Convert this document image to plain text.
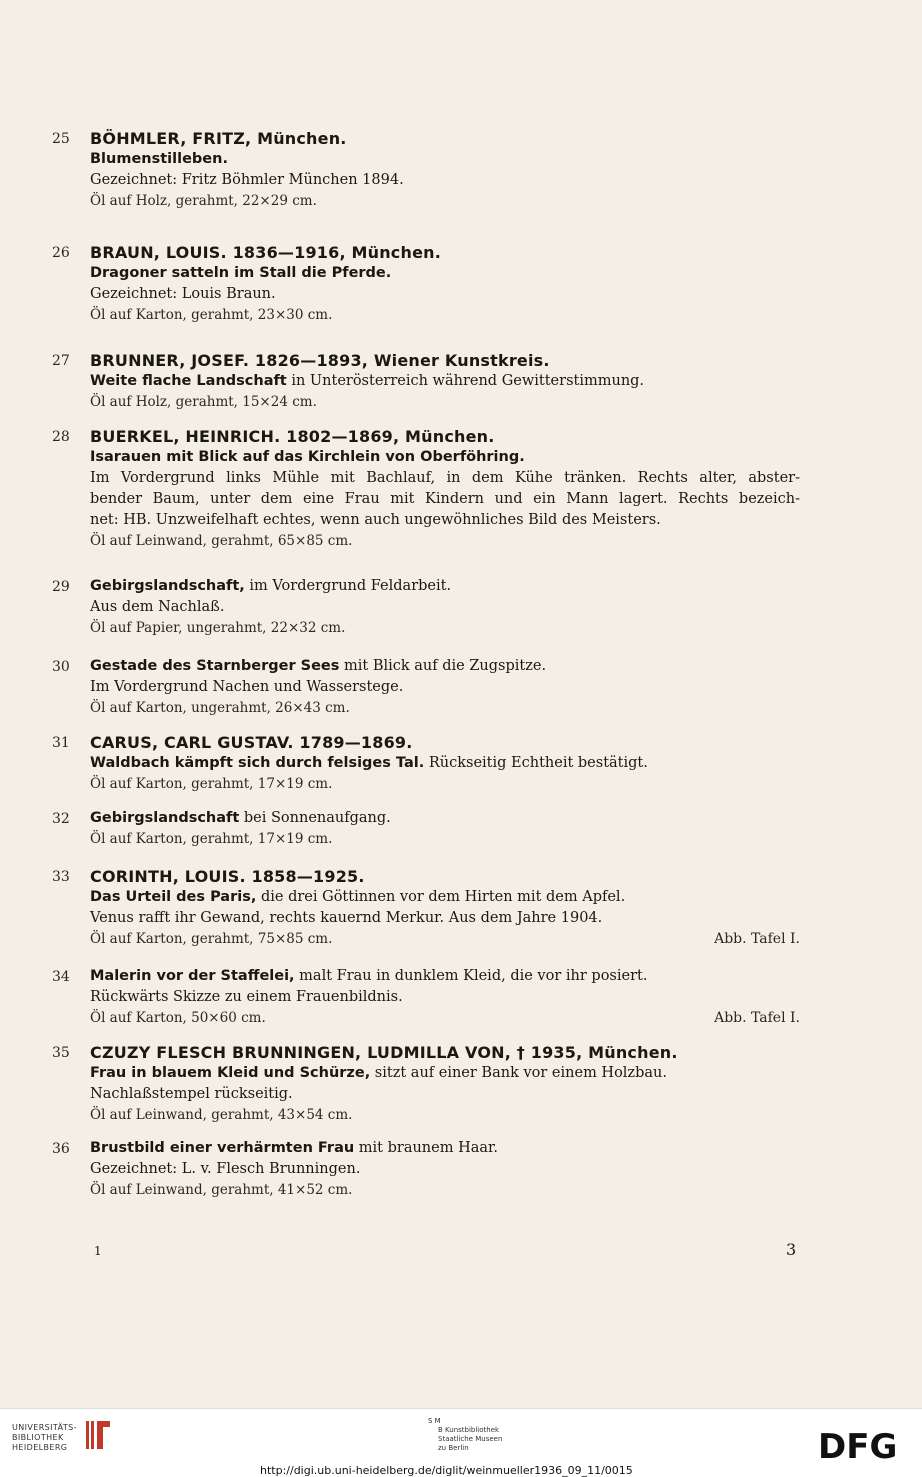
25	BÖHMLER, FRITZ, München.
Blumenstilleben.
Gezeichnet: Fritz Böhmler München 1894.
Öl auf Holz, gerahmt, 22×29 cm.
26	BRAUN, LOUIS. 1836—1916, München.
Dragoner satteln im Stall die Pferde.
Gezeichnet: Louis Braun.
Öl auf Karton, gerahmt, 23×30 cm.
27	BRUNNER, JOSEF. 1826—1893, Wiener Kunstkreis.
Weite flache Landschaft in Unterösterreich während Gewitterstimmung.
Öl auf Holz, gerahmt, 15×24 cm.
28	BUERKEL, HEINRICH. 1802—1869, München.
Isarauen mit Blick auf das Kirchlein von Oberföhring.
Im Vordergrund links Mühle mit Bachlauf, in dem Kühe tränken. Rechts alter, abster-
bender Baum, unter dem eine Frau mit Kindern und ein Mann lagert. Rechts bezeich-
net: HB. Unzweifelhaft echtes, wenn auch ungewöhnliches Bild des Meisters.
Öl auf Leinwand, gerahmt, 65×85 cm.
29	Gebirgslandschaft, im Vordergrund Feldarbeit.
Aus dem Nachlaß.
Öl auf Papier, ungerahmt, 22×32 cm.
30	Gestade des Starnberger Sees mit Blick auf die Zugspitze.
Im Vordergrund Nachen und Wasserstege.
Öl auf Karton, ungerahmt, 26×43 cm.
31	CARUS, CARL GUSTAV. 1789—1869.
Waldbach kämpft sich durch felsiges Tal. Rückseitig Echtheit bestätigt.
Öl auf Karton, gerahmt, 17×19 cm.
32	Gebirgslandschaft bei Sonnenaufgang.
Öl auf Karton, gerahmt, 17×19 cm.
33	CORINTH, LOUIS. 1858—1925.
Das Urteil des Paris, die drei Göttinnen vor dem Hirten mit dem Apfel.
Venus rafft ihr Gewand, rechts kauernd Merkur. Aus dem Jahre 1904.
Öl auf Karton, gerahmt, 75×85 cm.	Abb. Tafel I.
34	Malerin vor der Staffelei, malt Frau in dunklem Kleid, die vor ihr posiert.
Rückwärts Skizze zu einem Frauenbildnis.
Öl auf Karton, 50×60 cm.	Abb. Tafel I.
35	CZUZY FLESCH BRUNNINGEN, LUDMILLA VON, † 1935, München.
Frau in blauem Kleid und Schürze, sitzt auf einer Bank vor einem Holzbau.
Nachlaßstempel rückseitig.
Öl auf Leinwand, gerahmt, 43×54 cm.
36	Brustbild einer verhärmten Frau mit braunem Haar.
Gezeichnet: L. v. Flesch Brunningen.
Öl auf Leinwand, gerahmt, 41×52 cm.
1	3
UNIVERSITÄTS-
BIBLIOTHEK
HEIDELBERG
S M
B Kunstbibliothek
Staatliche Museen
zu Berlin	DFG
http://digi.ub.uni-heidelberg.de/diglit/weinmueller1936_09_11/0015
